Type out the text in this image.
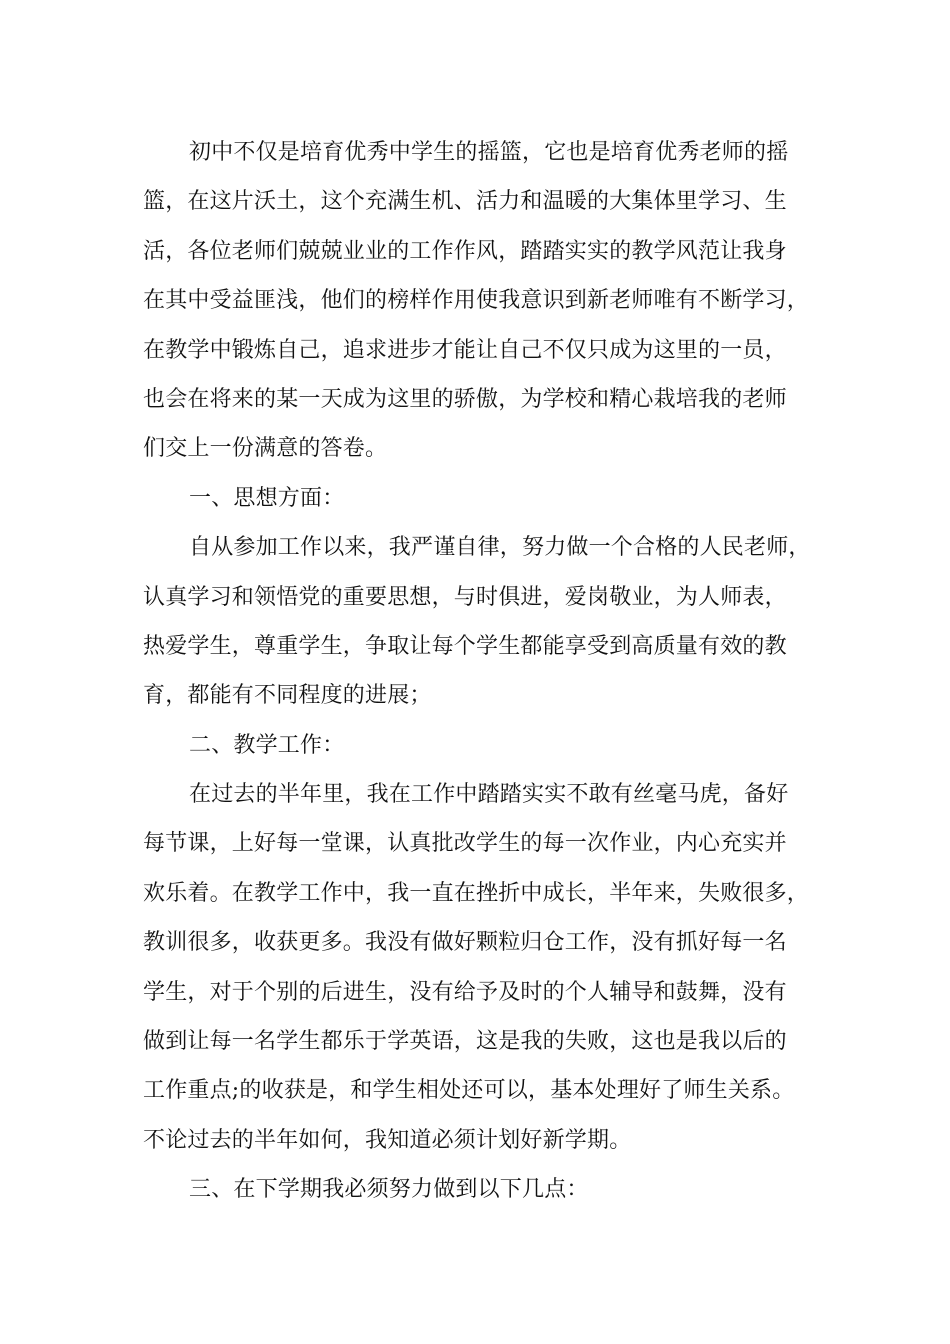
初中不仅是培育优秀中学生的摇篮，它也是培育优秀老师的摇
篮，在这片沃土，这个充满生机、活力和温暖的大集体里学习、生
活，各位老师们兢兢业业的工作作风，踏踏实实的教学风范让我身
在其中受益匪浅，他们的榜样作用使我意识到新老师唯有不断学习，
在教学中锻炼自己，追求进步才能让自己不仅只成为这里的一员，
也会在将来的某一天成为这里的骄傲，为学校和精心栽培我的老师
们交上一份满意的答卷。

一、思想方面：

自从参加工作以来，我严谨自律，努力做一个合格的人民老师，
认真学习和领悟党的重要思想，与时俱进，爱岗敬业，为人师表，
热爱学生，尊重学生，争取让每个学生都能享受到高质量有效的教
育，都能有不同程度的进展；

二、教学工作：

在过去的半年里，我在工作中踏踏实实不敢有丝毫马虎，备好
每节课，上好每一堂课，认真批改学生的每一次作业，内心充实并
欢乐着。在教学工作中，我一直在挫折中成长，半年来，失败很多，
教训很多，收获更多。我没有做好颗粒归仓工作，没有抓好每一名
学生，对于个别的后进生，没有给予及时的个人辅导和鼓舞，没有
做到让每一名学生都乐于学英语，这是我的失败，这也是我以后的
工作重点;的收获是，和学生相处还可以，基本处理好了师生关系。
不论过去的半年如何，我知道必须计划好新学期。

三、在下学期我必须努力做到以下几点：
